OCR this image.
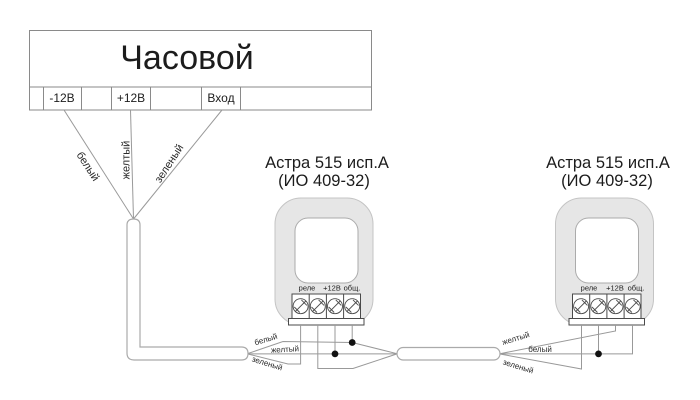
Часовой
-12В	+12В	Вход
белый желтый зеленый
белый
желтый
зеленый
желтый
белый
зеленый
Астра 515 исп.А
(ИО 409-32)
Астра 515 исп.А
(ИО 409-32)
реле +12В общ.	реле +12В общ.
